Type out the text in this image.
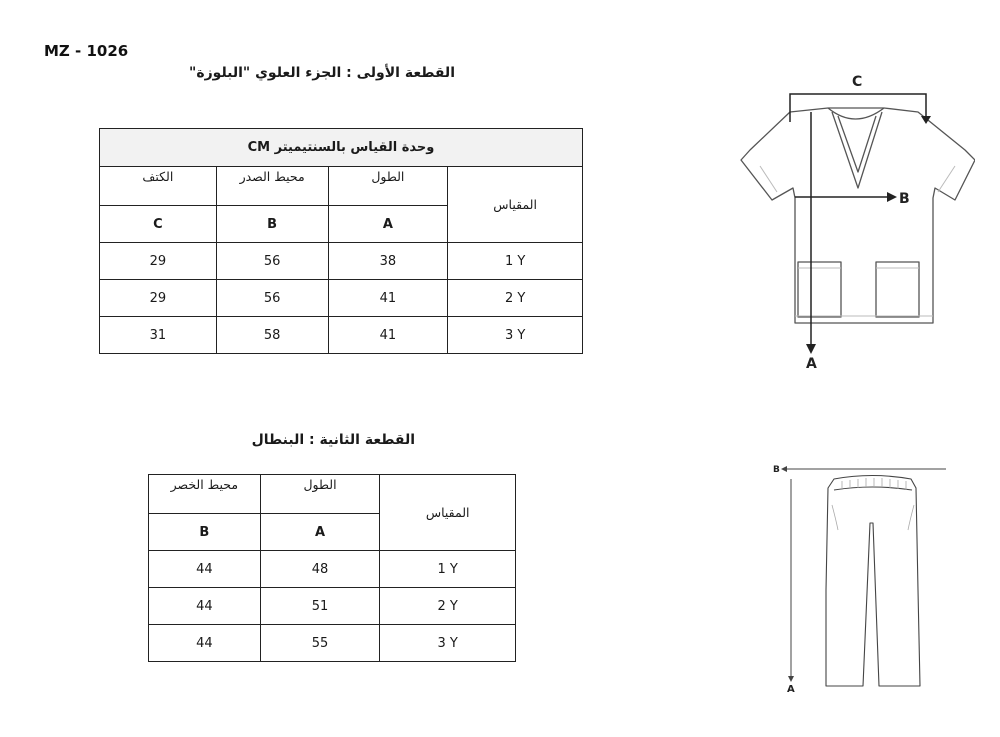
MZ - 1026
القطعة الأولى : الجزء العلوي "البلوزة"
وحدة القياس بالسنتيميتر CM			
الكتف	محيط الصدر	الطول	المقياس
C	B	A	
29	56	38	1 Y
29	56	41	2 Y
31	58	41	3 Y
القطعة الثانية : البنطال
محيط الخصر	الطول	المقياس
B	A	
44	48	1 Y
44	51	2 Y
44	55	3 Y
C
B
A
B
A
